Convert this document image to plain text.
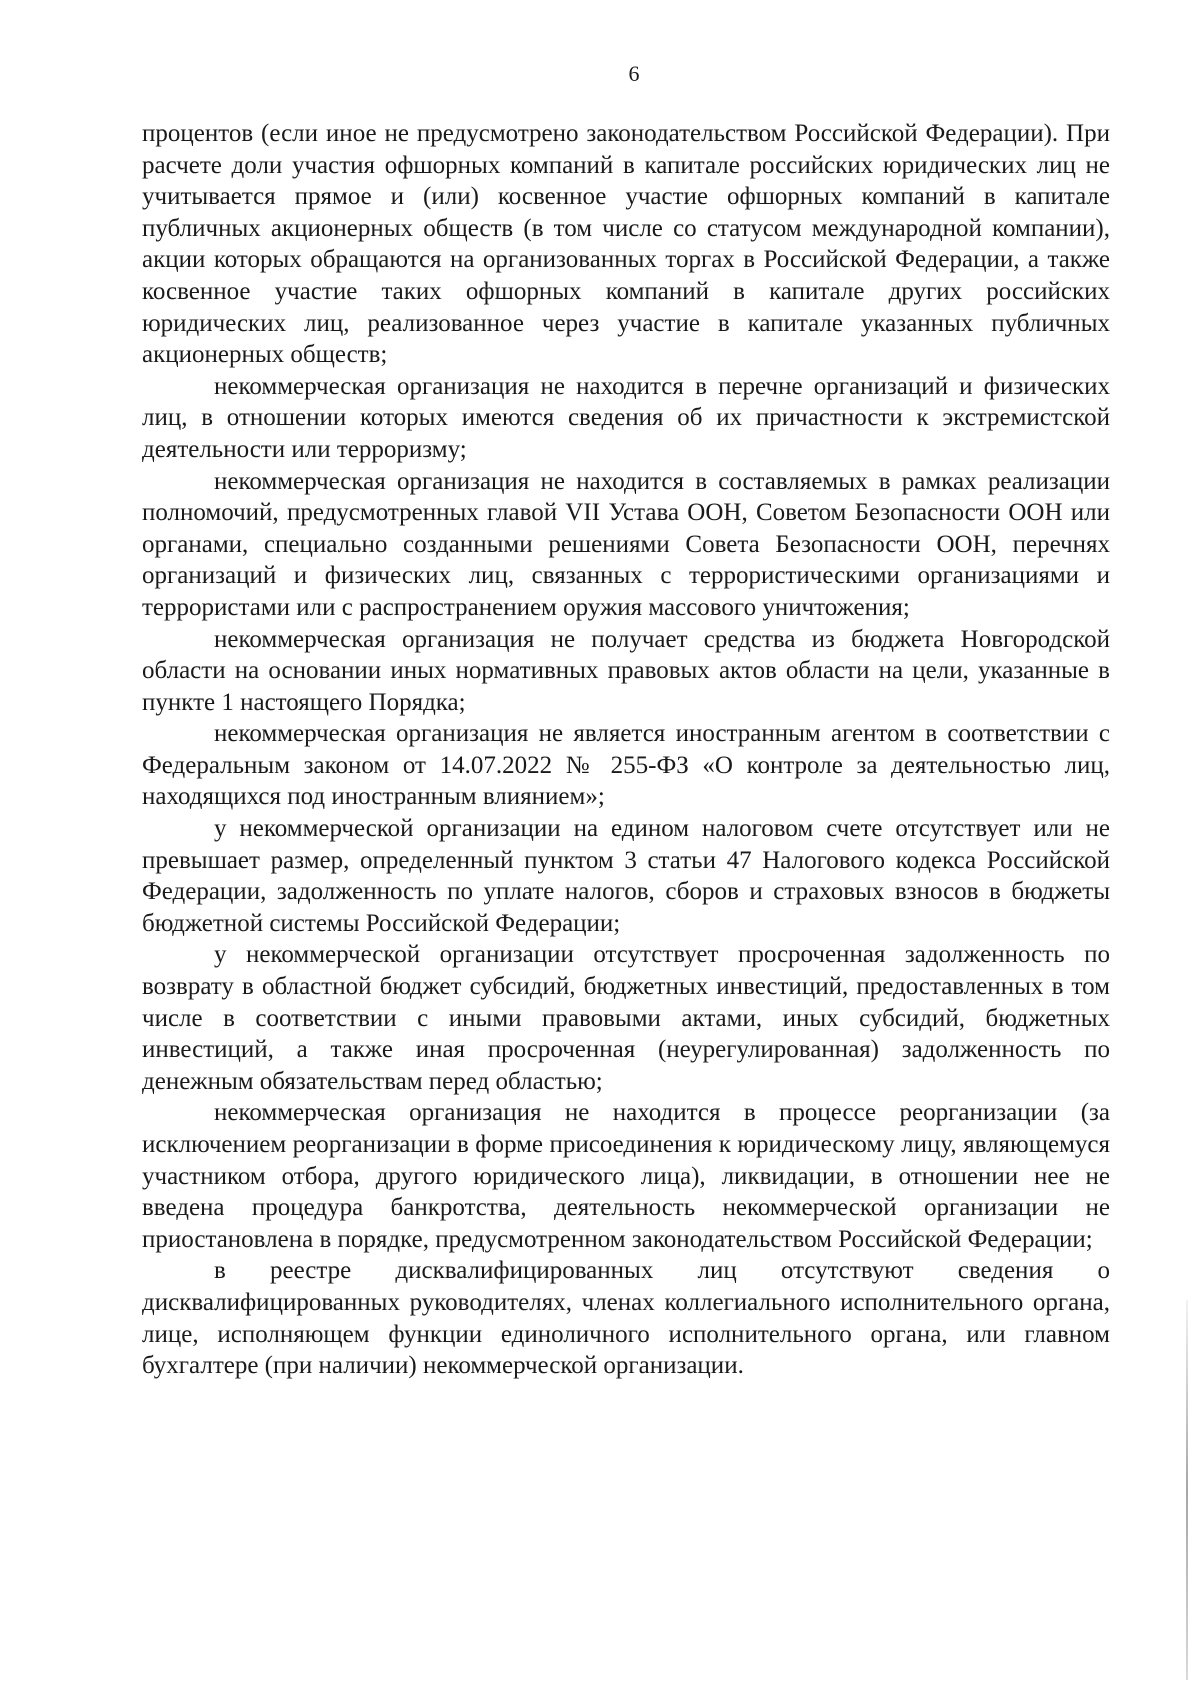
6

процентов (если иное не предусмотрено законодательством Российской Федерации). При расчете доли участия офшорных компаний в капитале российских юридических лиц не учитывается прямое и (или) косвенное участие офшорных компаний в капитале публичных акционерных обществ (в том числе со статусом международной компании), акции которых обращаются на организованных торгах в Российской Федерации, а также косвенное участие таких офшорных компаний в капитале других российских юридических лиц, реализованное через участие в капитале указанных публичных акционерных обществ;

некоммерческая организация не находится в перечне организаций и физических лиц, в отношении которых имеются сведения об их причастности к экстремистской деятельности или терроризму;

некоммерческая организация не находится в составляемых в рамках реализации полномочий, предусмотренных главой VII Устава ООН, Советом Безопасности ООН или органами, специально созданными решениями Совета Безопасности ООН, перечнях организаций и физических лиц, связанных с террористическими организациями и террористами или с распространением оружия массового уничтожения;

некоммерческая организация не получает средства из бюджета Новгородской области на основании иных нормативных правовых актов области на цели, указанные в пункте 1 настоящего Порядка;

некоммерческая организация не является иностранным агентом в соответствии с Федеральным законом от 14.07.2022 № 255-ФЗ «О контроле за деятельностью лиц, находящихся под иностранным влиянием»;

у некоммерческой организации на едином налоговом счете отсутствует или не превышает размер, определенный пунктом 3 статьи 47 Налогового кодекса Российской Федерации, задолженность по уплате налогов, сборов и страховых взносов в бюджеты бюджетной системы Российской Федерации;

у некоммерческой организации отсутствует просроченная задолженность по возврату в областной бюджет субсидий, бюджетных инвестиций, предоставленных в том числе в соответствии с иными правовыми актами, иных субсидий, бюджетных инвестиций, а также иная просроченная (неурегулированная) задолженность по денежным обязательствам перед областью;

некоммерческая организация не находится в процессе реорганизации (за исключением реорганизации в форме присоединения к юридическому лицу, являющемуся участником отбора, другого юридического лица), ликвидации, в отношении нее не введена процедура банкротства, деятельность некоммерческой организации не приостановлена в порядке, предусмотренном законодательством Российской Федерации;

в реестре дисквалифицированных лиц отсутствуют сведения о дисквалифицированных руководителях, членах коллегиального исполнительного органа, лице, исполняющем функции единоличного исполнительного органа, или главном бухгалтере (при наличии) некоммерческой организации.
